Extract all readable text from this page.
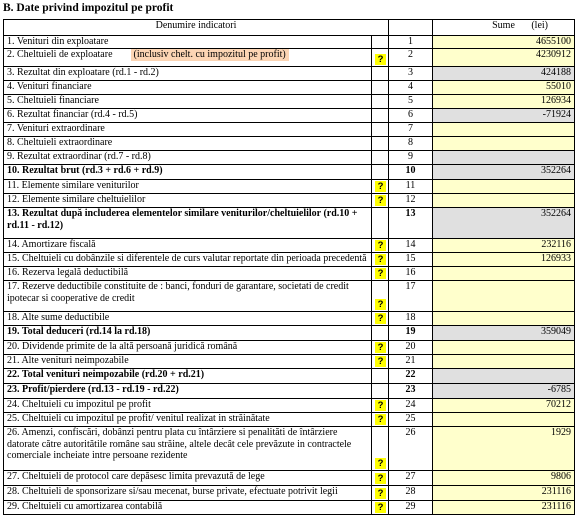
B. Date privind impozitul pe profit
Denumire indicatori			Sume (lei)

1. Venituri din exploatare		1	4655100
2. Cheltuieli de exploatare (inclusiv chelt. cu impozitul pe profit)	?	2	4230912
3. Rezultat din exploatare (rd.1 - rd.2)		3	424188
4. Venituri financiare		4	55010
5. Cheltuieli financiare		5	126934
6. Rezultat financiar (rd.4 - rd.5)		6	-71924
7. Venituri extraordinare		7	
8. Cheltuieli extraordinare		8	
9. Rezultat extraordinar (rd.7 - rd.8)		9	
10. Rezultat brut (rd.3 + rd.6 + rd.9)		10	352264
11. Elemente similare veniturilor	?	11	
12. Elemente similare cheltuielilor	?	12	
13. Rezultat după includerea elementelor similare veniturilor/cheltuielilor (rd.10 + rd.11 - rd.12)		13	352264
14. Amortizare fiscală	?	14	232116
15. Cheltuieli cu dobânzile si diferentele de curs valutar reportate din perioada precedentă	?	15	126933
16. Rezerva legală deductibilă	?	16	
17. Rezerve deductibile constituite de : banci, fonduri de garantare, societati de credit ipotecar si cooperative de credit	?	17	
18. Alte sume deductibile	?	18	
19. Total deduceri (rd.14 la rd.18)		19	359049
20. Dividende primite de la altă persoană juridică română	?	20	
21. Alte venituri neimpozabile	?	21	
22. Total venituri neimpozabile (rd.20 + rd.21)		22	
23. Profit/pierdere (rd.13 - rd.19 - rd.22)		23	-6785
24. Cheltuieli cu impozitul pe profit	?	24	70212
25. Cheltuieli cu impozitul pe profit/ venitul realizat in străinătate	?	25	
26. Amenzi, confiscări, dobânzi pentru plata cu întârziere si penalităti de întârziere datorate către autoritătile române sau străine, altele decât cele prevăzute in contractele comerciale incheiate intre persoane rezidente	?	26	1929
27. Cheltuieli de protocol care depăsesc limita prevazută de lege	?	27	9806
28. Cheltuieli de sponsorizare si/sau mecenat, burse private, efectuate potrivit legii	?	28	231116
29. Cheltuieli cu amortizarea contabilă	?	29	231116
